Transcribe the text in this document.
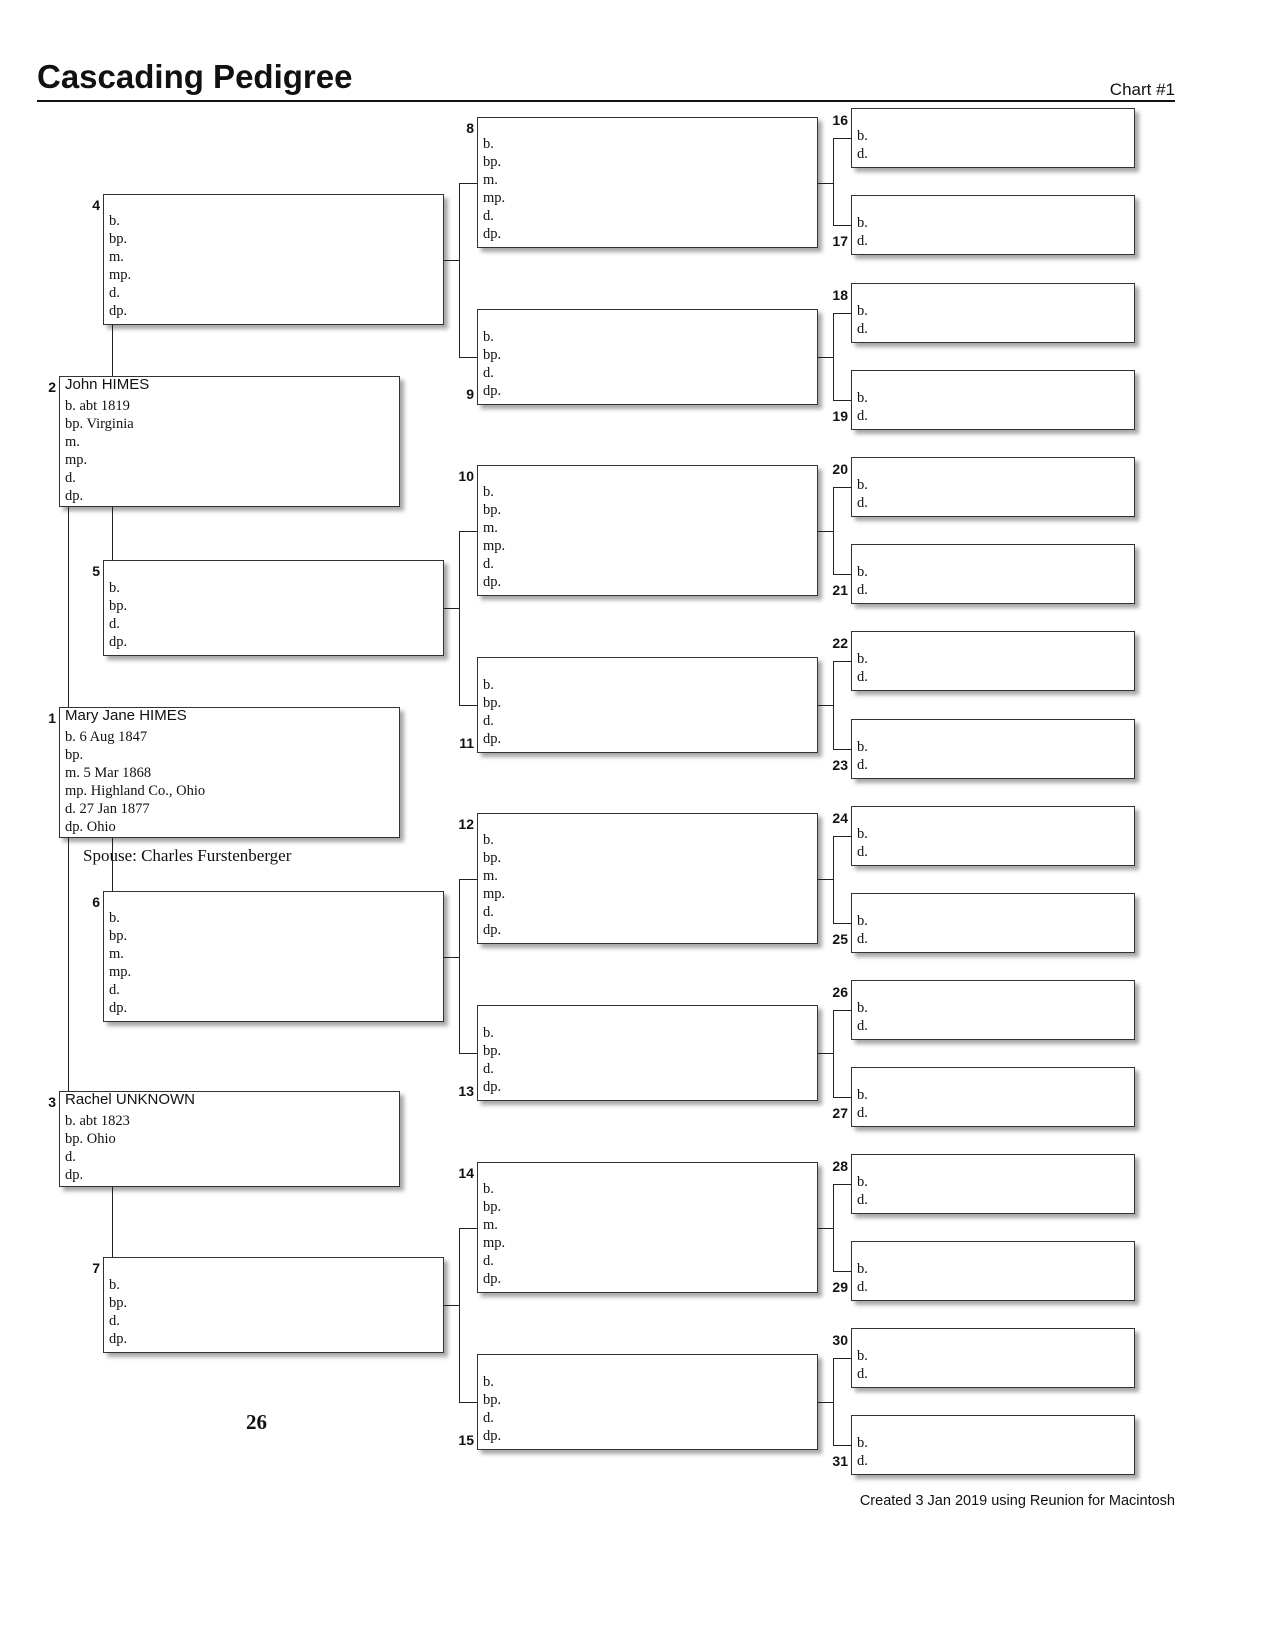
Cascading Pedigree	Chart #1
Mary Jane HIMES
b. 6 Aug 1847
bp.
m. 5 Mar 1868
mp. Highland Co., Ohio
d. 27 Jan 1877
dp. Ohio
1
John HIMES
b. abt 1819
bp. Virginia
m.
mp.
d.
dp.
2
Rachel UNKNOWN
b. abt 1823
bp. Ohio
d.
dp.
3
b.
bp.
m.
mp.
d.
dp.
4
b.
bp.
d.
dp.
5
b.
bp.
m.
mp.
d.
dp.
6
b.
bp.
d.
dp.
7
b.
bp.
m.
mp.
d.
dp.
8
b.
bp.
d.
dp.
9
b.
bp.
m.
mp.
d.
dp.
10
b.
bp.
d.
dp.
11
b.
bp.
m.
mp.
d.
dp.
12
b.
bp.
d.
dp.
13
b.
bp.
m.
mp.
d.
dp.
14
b.
bp.
d.
dp.
15
b.
d.
16
b.
d.
17
b.
d.
18
b.
d.
19
b.
d.
20
b.
d.
21
b.
d.
22
b.
d.
23
b.
d.
24
b.
d.
25
b.
d.
26
b.
d.
27
b.
d.
28
b.
d.
29
b.
d.
30
b.
d.
31
Spouse: Charles Furstenberger
26
Created 3 Jan 2019 using Reunion for Macintosh
